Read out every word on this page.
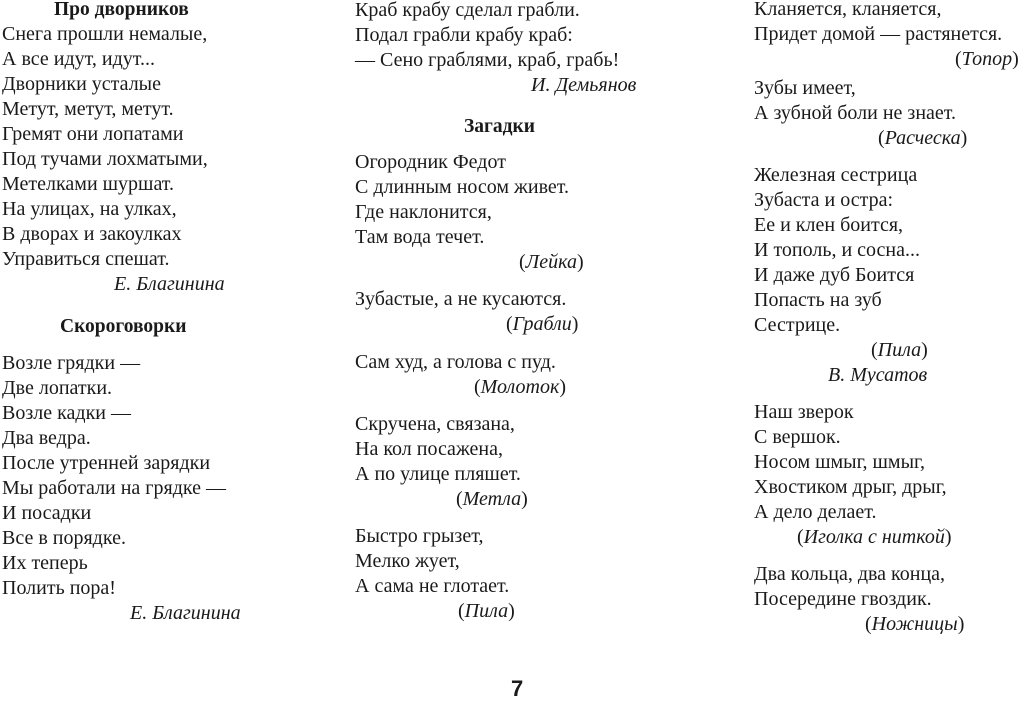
Про дворников
Снега прошли немалые,
А все идут, идут...
Дворники усталые
Метут, метут, метут.
Гремят они лопатами
Под тучами лохматыми,
Метелками шуршат.
На улицах, на улках,
В дворах и закоулках
Управиться спешат.
Е. Благинина
Скороговорки
Возле грядки —
Две лопатки.
Возле кадки —
Два ведра.
После утренней зарядки
Мы работали на грядке —
И посадки
Все в порядке.
Их теперь
Полить пора!
Е. Благинина
Краб крабу сделал грабли.
Подал грабли крабу краб:
— Сено граблями, краб, грабь!
И. Демьянов
Загадки
Огородник Федот
С длинным носом живет.
Где наклонится,
Там вода течет.
(Лейка)
Зубастые, а не кусаются.
(Грабли)
Сам худ, а голова с пуд.
(Молоток)
Скручена, связана,
На кол посажена,
А по улице пляшет.
(Метла)
Быстро грызет,
Мелко жует,
А сама не глотает.
(Пила)
Кланяется, кланяется,
Придет домой — растянется.
(Топор)
Зубы имеет,
А зубной боли не знает.
(Расческа)
Железная сестрица
Зубаста и остра:
Ее и клен боится,
И тополь, и сосна...
И даже дуб Боится
Попасть на зуб
Сестрице.
(Пила)
В. Мусатов
Наш зверок
С вершок.
Носом шмыг, шмыг,
Хвостиком дрыг, дрыг,
А дело делает.
(Иголка с ниткой)
Два кольца, два конца,
Посередине гвоздик.
(Ножницы)
7
